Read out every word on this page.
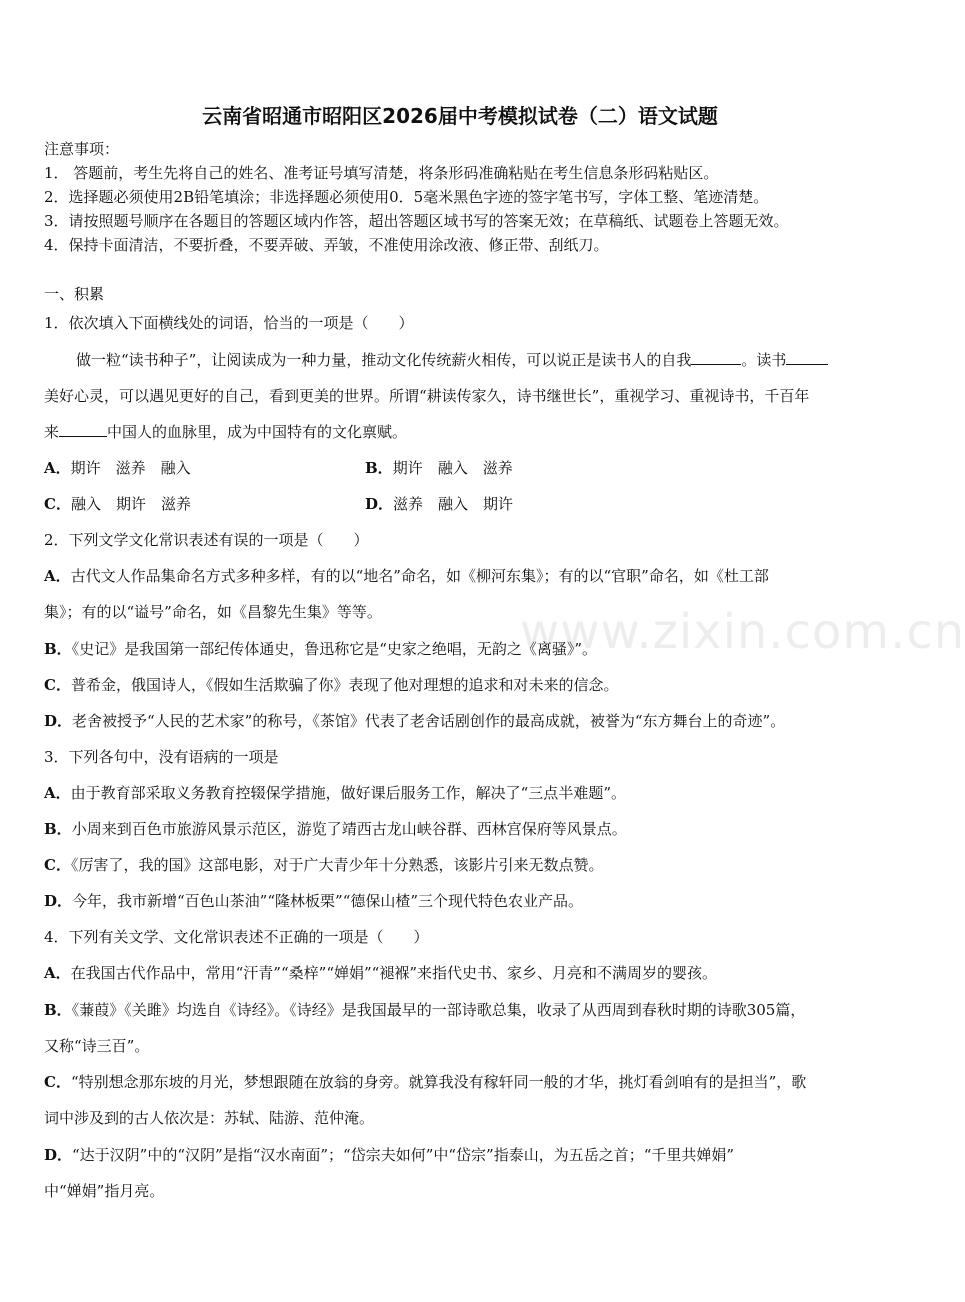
云南省昭通市昭阳区2026届中考模拟试卷（二）语文试题
注意事项：
1． 答题前，考生先将自己的姓名、准考证号填写清楚，将条形码准确粘贴在考生信息条形码粘贴区。
2．选择题必须使用2B铅笔填涂；非选择题必须使用0．5毫米黑色字迹的签字笔书写，字体工整、笔迹清楚。
3．请按照题号顺序在各题目的答题区域内作答，超出答题区域书写的答案无效；在草稿纸、试题卷上答题无效。
4．保持卡面清洁，不要折叠，不要弄破、弄皱，不准使用涂改液、修正带、刮纸刀。
一、积累
1．依次填入下面横线处的词语，恰当的一项是（　　）
做一粒“读书种子”，让阅读成为一种力量，推动文化传统薪火相传，可以说正是读书人的自我	。读书
美好心灵，可以遇见更好的自己，看到更美的世界。所谓“耕读传家久，诗书继世长”，重视学习、重视诗书，千百年
来	中国人的血脉里，成为中国特有的文化禀赋。
A．期许　滋养　融入	B．期许　融入　滋养
C．融入　期许　滋养	D．滋养　融入　期许
2．下列文学文化常识表述有误的一项是（　　）
A．古代文人作品集命名方式多种多样，有的以“地名”命名，如《柳河东集》；有的以“官职”命名，如《杜工部
集》；有的以“谥号”命名，如《昌黎先生集》等等。
B．《史记》是我国第一部纪传体通史，鲁迅称它是“史家之绝唱，无韵之《离骚》”。
C．普希金，俄国诗人，《假如生活欺骗了你》表现了他对理想的追求和对未来的信念。
D．老舍被授予“人民的艺术家”的称号，《茶馆》代表了老舍话剧创作的最高成就，被誉为“东方舞台上的奇迹”。
3．下列各句中，没有语病的一项是
A．由于教育部采取义务教育控辍保学措施，做好课后服务工作，解决了“三点半难题”。
B．小周来到百色市旅游风景示范区，游览了靖西古龙山峡谷群、西林宫保府等风景点。
C．《厉害了，我的国》这部电影，对于广大青少年十分熟悉，该影片引来无数点赞。
D．今年，我市新增“百色山茶油”“隆林板栗”“德保山楂”三个现代特色农业产品。
4．下列有关文学、文化常识表述不正确的一项是（　　）
A．在我国古代作品中，常用“汗青”“桑梓”“婵娟”“褪褓”来指代史书、家乡、月亮和不满周岁的婴孩。
B．《蒹葭》《关雎》均选自《诗经》。《诗经》是我国最早的一部诗歌总集，收录了从西周到春秋时期的诗歌305篇，
又称“诗三百”。
C．“特别想念那东坡的月光，梦想跟随在放翁的身旁。就算我没有稼轩同一般的才华，挑灯看剑咱有的是担当”，歌
词中涉及到的古人依次是：苏轼、陆游、范仲淹。
D．“达于汉阴”中的“汉阴”是指“汉水南面”；“岱宗夫如何”中“岱宗”指泰山，为五岳之首；“千里共婵娟”
中“婵娟”指月亮。
www.zixin.com.cn
